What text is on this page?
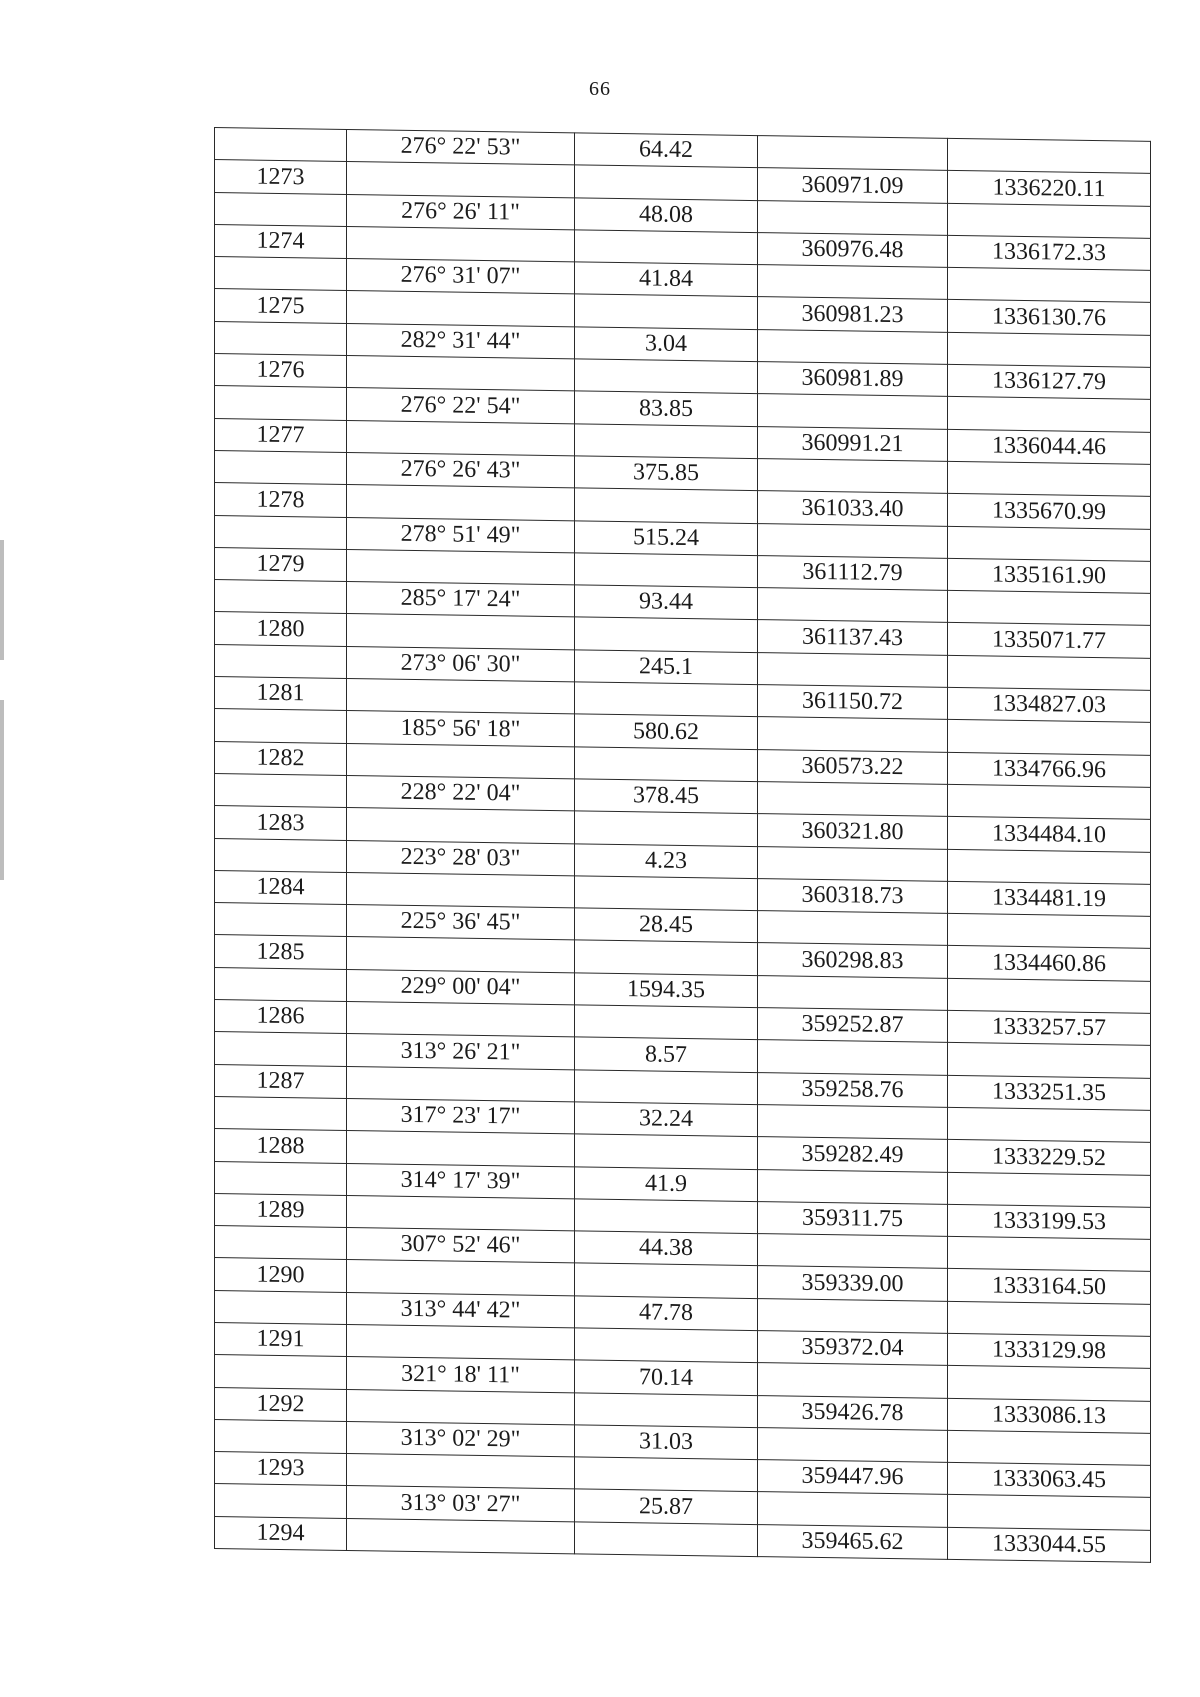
66
	276° 22' 53"	64.42		
1273			360971.09	1336220.11
	276° 26' 11"	48.08		
1274			360976.48	1336172.33
	276° 31' 07"	41.84		
1275			360981.23	1336130.76
	282° 31' 44"	3.04		
1276			360981.89	1336127.79
	276° 22' 54"	83.85		
1277			360991.21	1336044.46
	276° 26' 43"	375.85		
1278			361033.40	1335670.99
	278° 51' 49"	515.24		
1279			361112.79	1335161.90
	285° 17' 24"	93.44		
1280			361137.43	1335071.77
	273° 06' 30"	245.1		
1281			361150.72	1334827.03
	185° 56' 18"	580.62		
1282			360573.22	1334766.96
	228° 22' 04"	378.45		
1283			360321.80	1334484.10
	223° 28' 03"	4.23		
1284			360318.73	1334481.19
	225° 36' 45"	28.45		
1285			360298.83	1334460.86
	229° 00' 04"	1594.35		
1286			359252.87	1333257.57
	313° 26' 21"	8.57		
1287			359258.76	1333251.35
	317° 23' 17"	32.24		
1288			359282.49	1333229.52
	314° 17' 39"	41.9		
1289			359311.75	1333199.53
	307° 52' 46"	44.38		
1290			359339.00	1333164.50
	313° 44' 42"	47.78		
1291			359372.04	1333129.98
	321° 18' 11"	70.14		
1292			359426.78	1333086.13
	313° 02' 29"	31.03		
1293			359447.96	1333063.45
	313° 03' 27"	25.87		
1294			359465.62	1333044.55
